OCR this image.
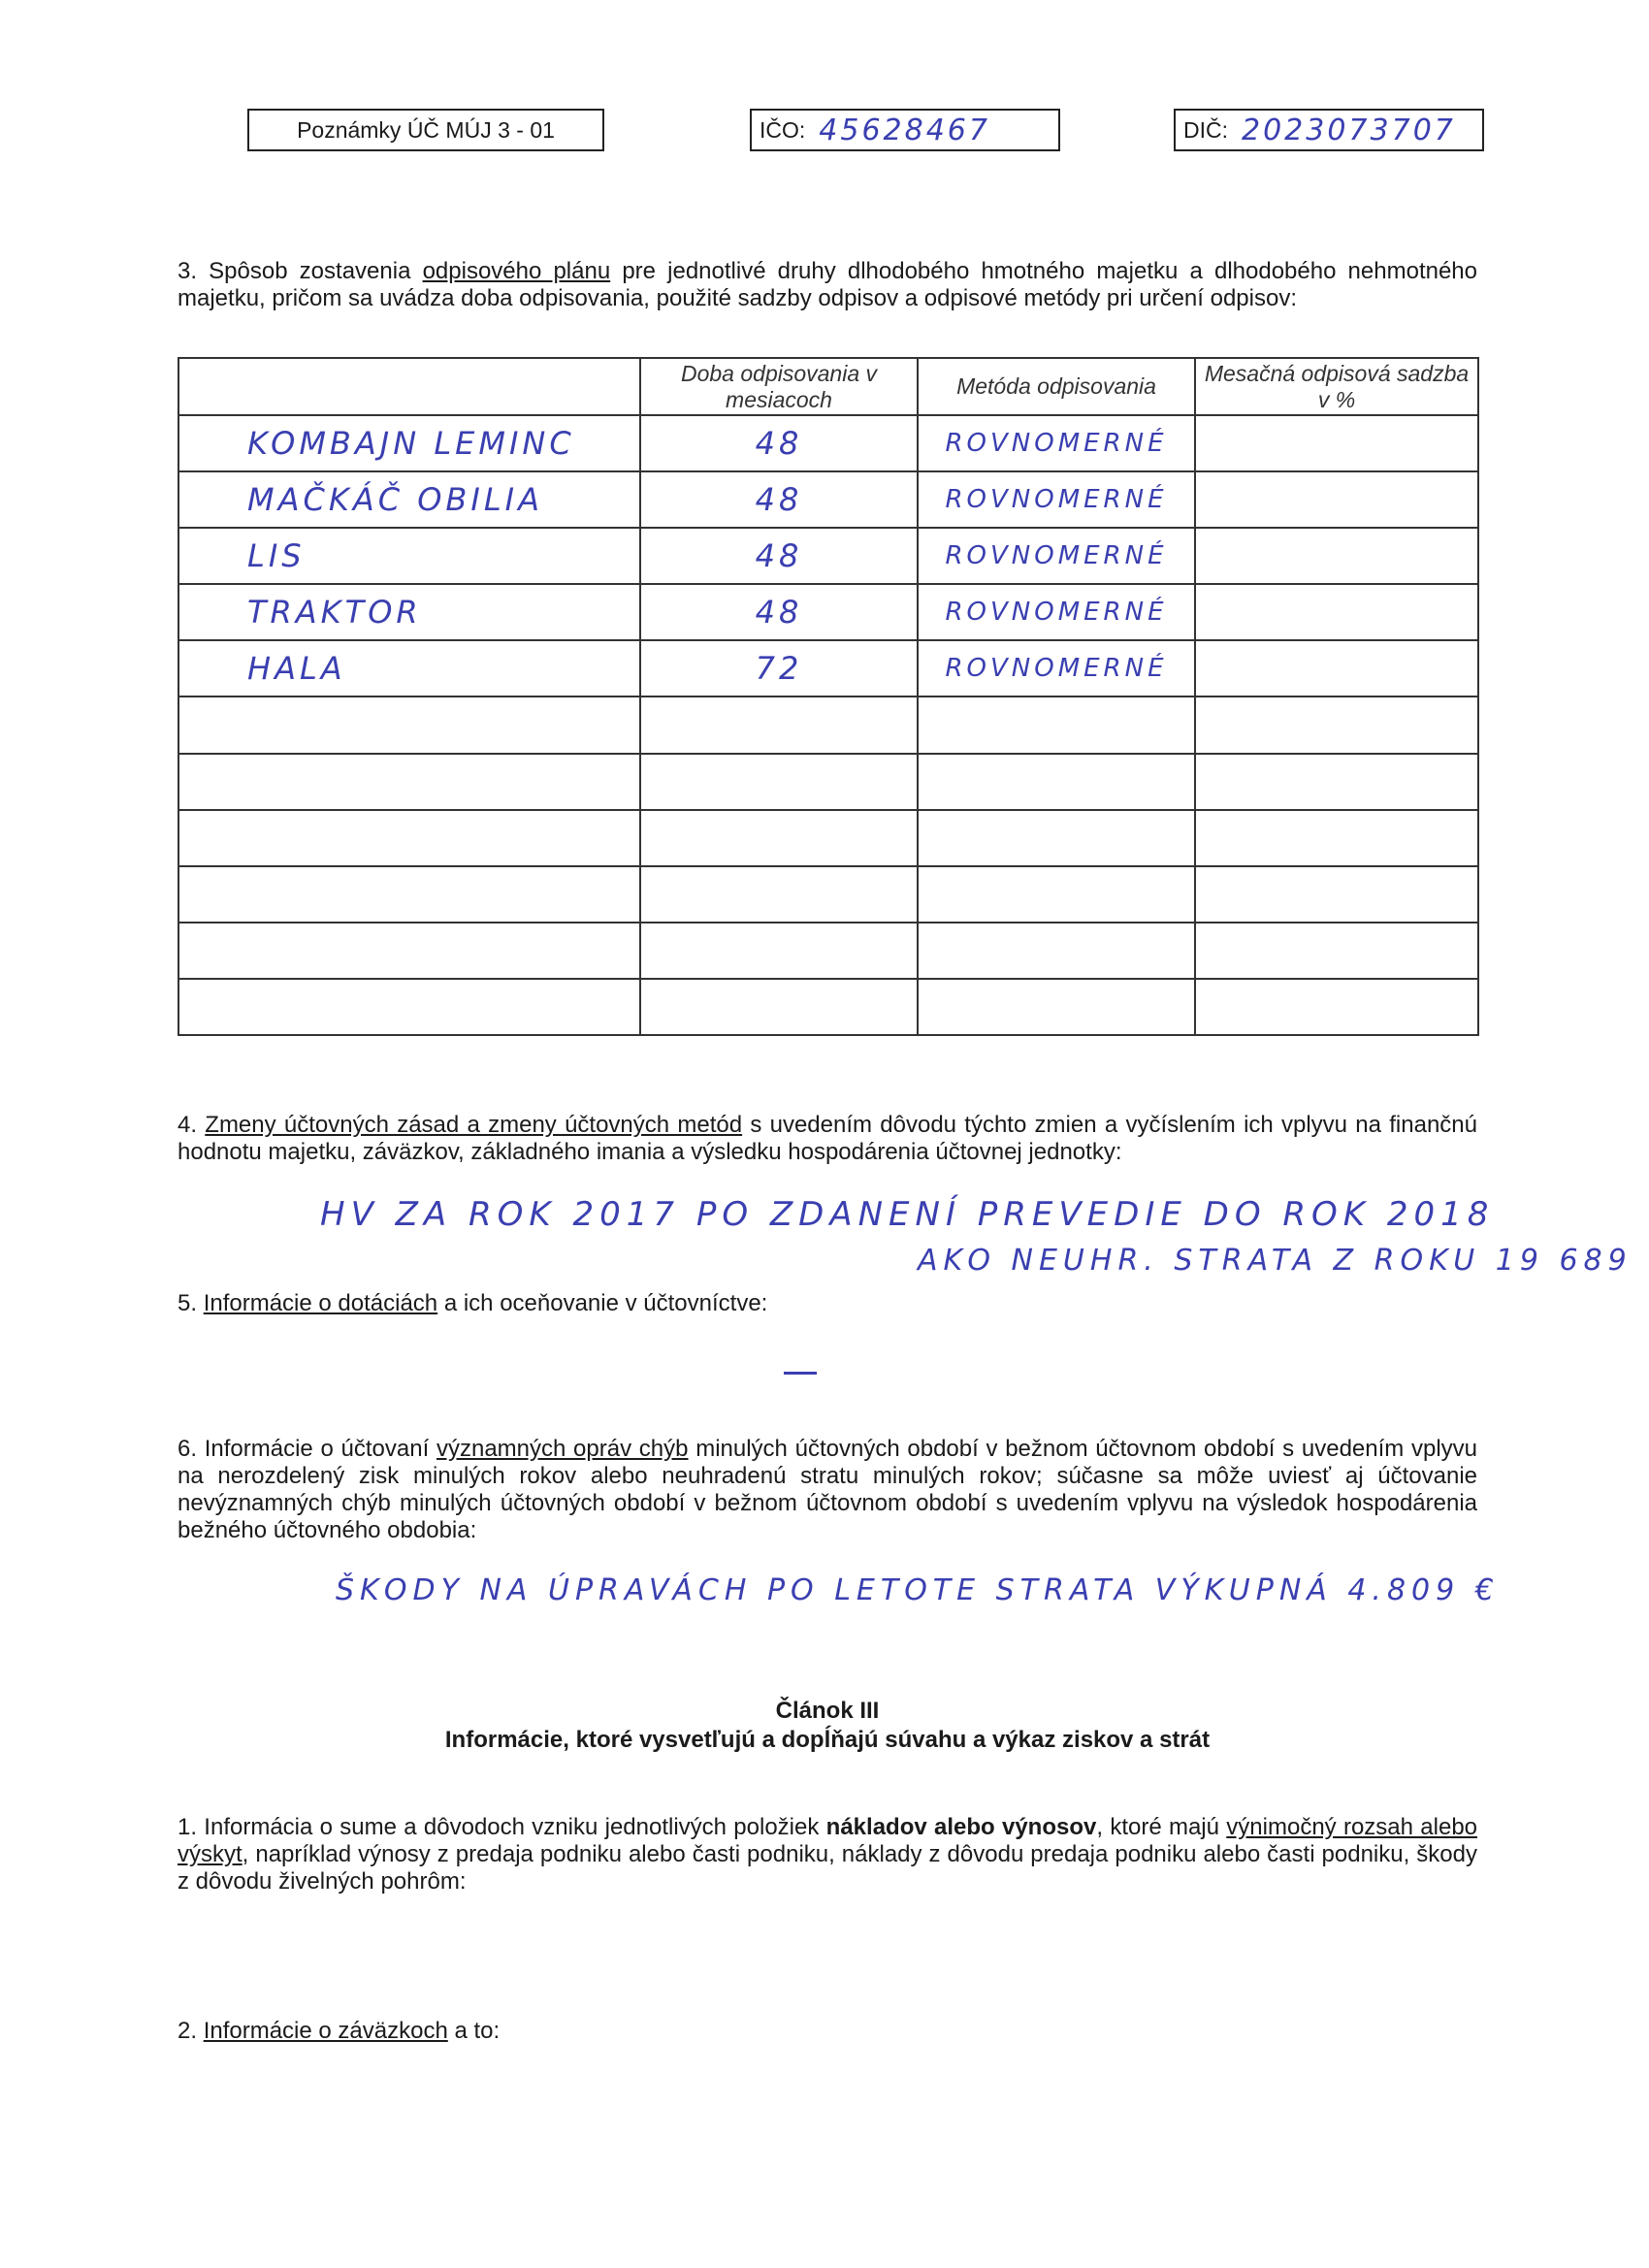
Poznámky ÚČ MÚJ 3 - 01	IČO: 45628467	DIČ: 2023073707
3. Spôsob zostavenia odpisového plánu pre jednotlivé druhy dlhodobého hmotného majetku a dlhodobého nehmotného majetku, pričom sa uvádza doba odpisovania, použité sadzby odpisov a odpisové metódy pri určení odpisov:
	Doba odpisovania v mesiacoch	Metóda odpisovania	Mesačná odpisová sadzba v %
KOMBAJN LEMINC	48	ROVNOMERNÉ	
MAČKÁČ OBILIA	48	ROVNOMERNÉ	
LIS	48	ROVNOMERNÉ	
TRAKTOR	48	ROVNOMERNÉ	
HALA	72	ROVNOMERNÉ	

4. Zmeny účtovných zásad a zmeny účtovných metód s uvedením dôvodu týchto zmien a vyčíslením ich vplyvu na finančnú hodnotu majetku, záväzkov, základného imania a výsledku hospodárenia účtovnej jednotky:
HV ZA ROK 2017 PO ZDANENÍ PREVEDIE DO ROK 2018
AKO NEUHR. STRATA Z ROKU 19 689
5. Informácie o dotáciách a ich oceňovanie v účtovníctve:
6. Informácie o účtovaní významných opráv chýb minulých účtovných období v bežnom účtovnom období s uvedením vplyvu na nerozdelený zisk minulých rokov alebo neuhradenú stratu minulých rokov; súčasne sa môže uviesť aj účtovanie nevýznamných chýb minulých účtovných období v bežnom účtovnom období s uvedením vplyvu na výsledok hospodárenia bežného účtovného obdobia:
ŠKODY NA ÚPRAVÁCH PO LETOTE STRATA VÝKUPNÁ 4.809 €
Článok III
Informácie, ktoré vysvetľujú a dopĺňajú súvahu a výkaz ziskov a strát
1. Informácia o sume a dôvodoch vzniku jednotlivých položiek nákladov alebo výnosov, ktoré majú výnimočný rozsah alebo výskyt, napríklad výnosy z predaja podniku alebo časti podniku, náklady z dôvodu predaja podniku alebo časti podniku, škody z dôvodu živelných pohrôm:
2. Informácie o záväzkoch a to:
